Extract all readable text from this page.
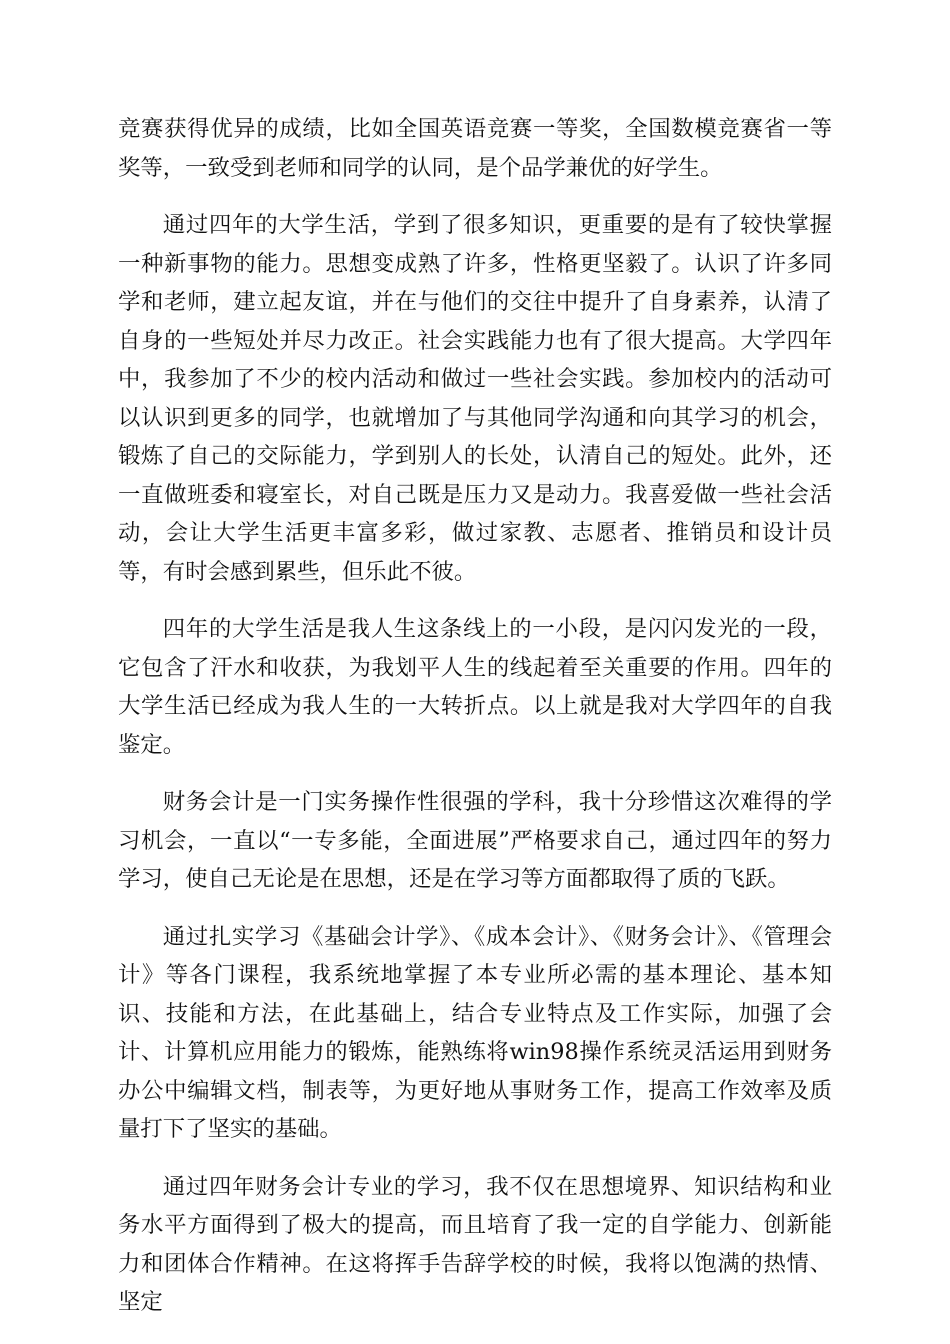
竞赛获得优异的成绩，比如全国英语竞赛一等奖，全国数模竞赛省一等奖等，一致受到老师和同学的认同，是个品学兼优的好学生。

通过四年的大学生活，学到了很多知识，更重要的是有了较快掌握一种新事物的能力。思想变成熟了许多，性格更坚毅了。认识了许多同学和老师，建立起友谊，并在与他们的交往中提升了自身素养，认清了自身的一些短处并尽力改正。社会实践能力也有了很大提高。大学四年中，我参加了不少的校内活动和做过一些社会实践。参加校内的活动可以认识到更多的同学，也就增加了与其他同学沟通和向其学习的机会，锻炼了自己的交际能力，学到别人的长处，认清自己的短处。此外，还一直做班委和寝室长，对自己既是压力又是动力。我喜爱做一些社会活动，会让大学生活更丰富多彩，做过家教、志愿者、推销员和设计员等，有时会感到累些，但乐此不彼。

四年的大学生活是我人生这条线上的一小段，是闪闪发光的一段，它包含了汗水和收获，为我划平人生的线起着至关重要的作用。四年的大学生活已经成为我人生的一大转折点。以上就是我对大学四年的自我鉴定。

财务会计是一门实务操作性很强的学科，我十分珍惜这次难得的学习机会，一直以“一专多能，全面进展”严格要求自己，通过四年的努力学习，使自己无论是在思想，还是在学习等方面都取得了质的飞跃。

通过扎实学习《基础会计学》、《成本会计》、《财务会计》、《管理会计》等各门课程，我系统地掌握了本专业所必需的基本理论、基本知识、技能和方法，在此基础上，结合专业特点及工作实际，加强了会计、计算机应用能力的锻炼，能熟练将win98操作系统灵活运用到财务办公中编辑文档，制表等，为更好地从事财务工作，提高工作效率及质量打下了坚实的基础。

通过四年财务会计专业的学习，我不仅在思想境界、知识结构和业务水平方面得到了极大的提高，而且培育了我一定的自学能力、创新能力和团体合作精神。在这将挥手告辞学校的时候，我将以饱满的热情、坚定
